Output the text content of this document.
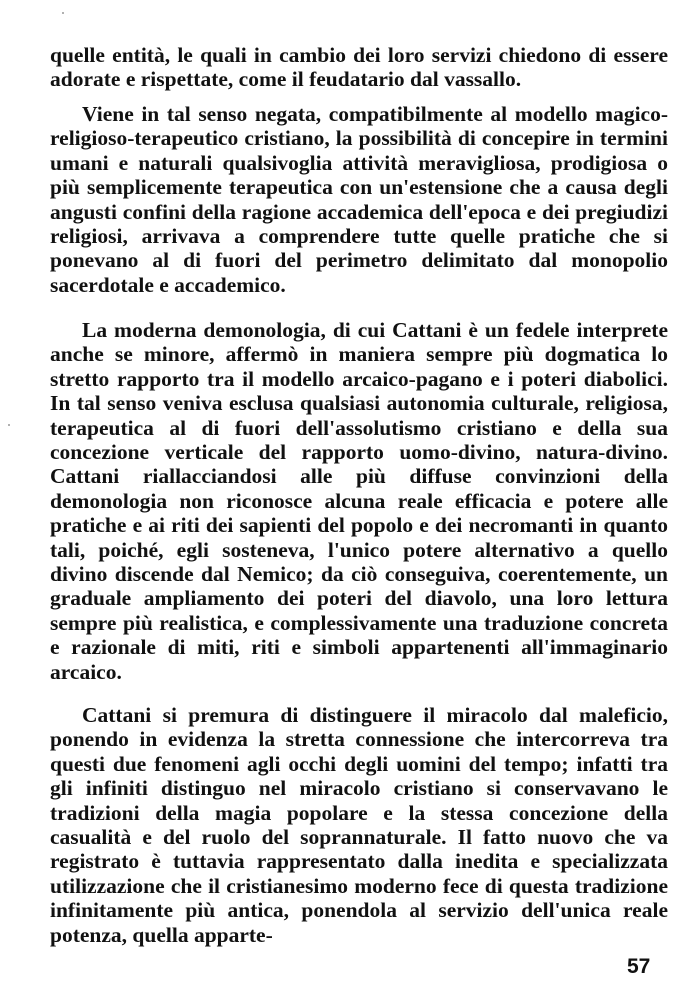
quelle entità, le quali in cambio dei loro servizi chiedono di essere adorate e rispettate, come il feudatario dal vassallo.

Viene in tal senso negata, compatibilmente al modello magico-religioso-terapeutico cristiano, la possibilità di concepire in termini umani e naturali qualsivoglia attività meravigliosa, prodigiosa o più semplicemente terapeutica con un'estensione che a causa degli angusti confini della ragione accademica dell'epoca e dei pregiudizi religiosi, arrivava a comprendere tutte quelle pratiche che si ponevano al di fuori del perimetro delimitato dal monopolio sacerdotale e accademico.

La moderna demonologia, di cui Cattani è un fedele interprete anche se minore, affermò in maniera sempre più dogmatica lo stretto rapporto tra il modello arcaico-pagano e i poteri diabolici. In tal senso veniva esclusa qualsiasi autonomia culturale, religiosa, terapeutica al di fuori dell'assolutismo cristiano e della sua concezione verticale del rapporto uomo-divino, natura-divino. Cattani riallacciandosi alle più diffuse convinzioni della demonologia non riconosce alcuna reale efficacia e potere alle pratiche e ai riti dei sapienti del popolo e dei necromanti in quanto tali, poiché, egli sosteneva, l'unico potere alternativo a quello divino discende dal Nemico; da ciò conseguiva, coerentemente, un graduale ampliamento dei poteri del diavolo, una loro lettura sempre più realistica, e complessivamente una traduzione concreta e razionale di miti, riti e simboli appartenenti all'immaginario arcaico.

Cattani si premura di distinguere il miracolo dal maleficio, ponendo in evidenza la stretta connessione che intercorreva tra questi due fenomeni agli occhi degli uomini del tempo; infatti tra gli infiniti distinguo nel miracolo cristiano si conservavano le tradizioni della magia popolare e la stessa concezione della casualità e del ruolo del soprannaturale. Il fatto nuovo che va registrato è tuttavia rappresentato dalla inedita e specializzata utilizzazione che il cristianesimo moderno fece di questa tradizione infinitamente più antica, ponendola al servizio dell'unica reale potenza, quella apparte-

57
